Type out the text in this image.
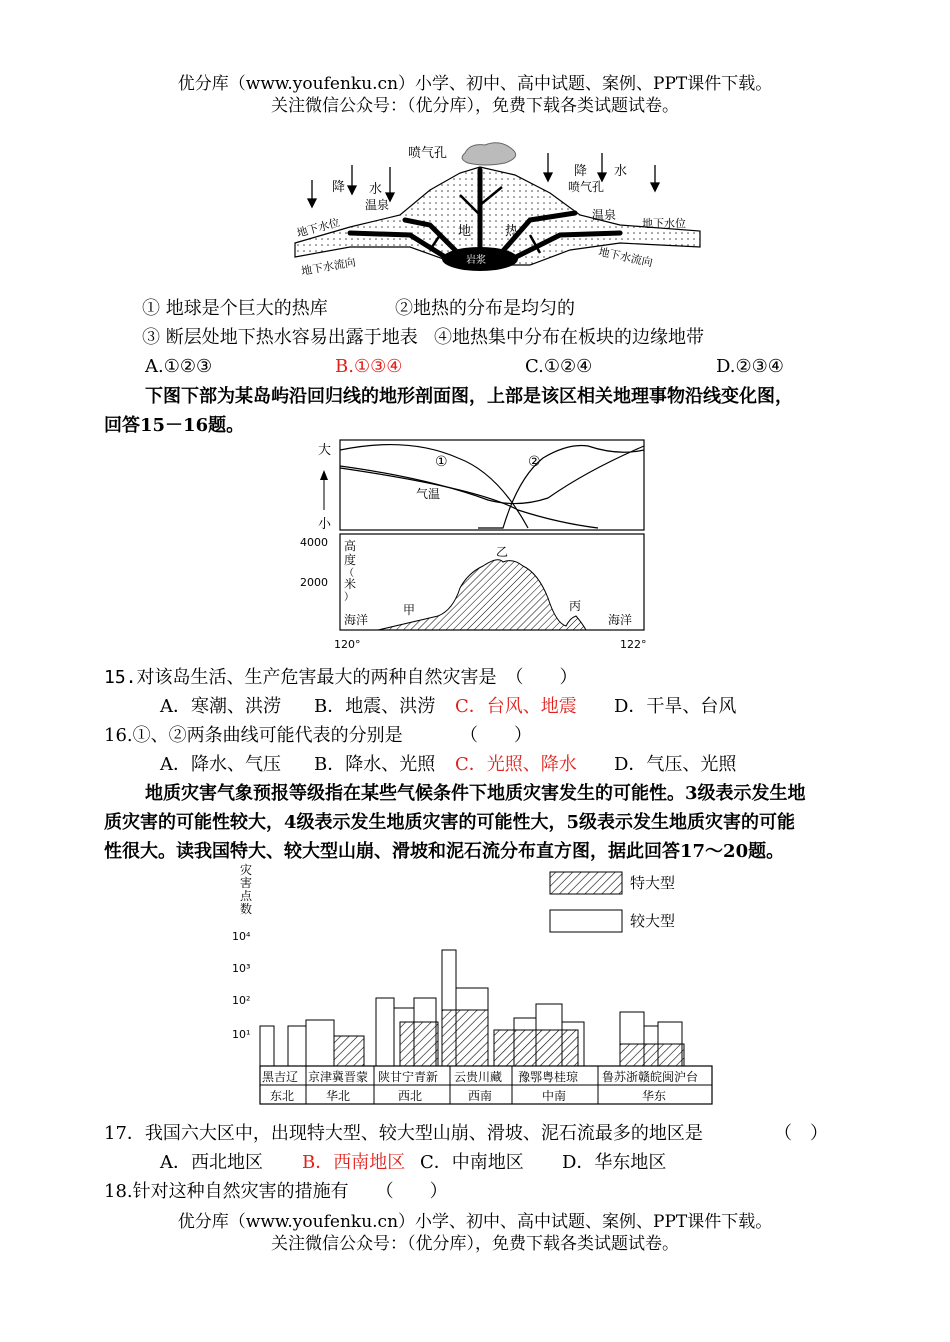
优分库（www.youfenku.cn）小学、初中、高中试题、案例、PPT课件下载。
关注微信公众号：（优分库），免费下载各类试题试卷。
岩浆
地	热
喷气孔
降 水
温泉
地下水位
地下水流向
降 水
喷气孔
温泉
地下水位
地下水流向
① 地球是个巨大的热库	②地热的分布是均匀的
③ 断层处地下热水容易出露于地表 ④地热集中分布在板块的边缘地带
A.①②③	B.①③④	C.①②④	D.②③④
下图下部为某岛屿沿回归线的地形剖面图，上部是该区相关地理事物沿线变化图，
回答15－16题。
大
小
①	②
气温
4000
2000
高
度
（
米
）
海洋	海洋
甲
乙
丙
120°	122°
15.对该岛生活、生产危害最大的两种自然灾害是　（　　）
A．寒潮、洪涝 B．地震、洪涝 C．台风、地震 D．干旱、台风
16.①、②两条曲线可能代表的分别是	（　　）
A．降水、气压 B．降水、光照 C．光照、降水 D．气压、光照
地质灾害气象预报等级指在某些气候条件下地质灾害发生的可能性。3级表示发生地
质灾害的可能性较大，4级表示发生地质灾害的可能性大，5级表示发生地质灾害的可能
性很大。读我国特大、较大型山崩、滑坡和泥石流分布直方图，据此回答17～20题。
灾
害
点
数
10⁴
10³
10²
10¹
特大型
较大型
黑吉辽 京津冀晋蒙 陕甘宁青新 云贵川藏 豫鄂粤桂琼 鲁苏浙赣皖闽沪台
东北	华北	西北	西南	中南	华东
17．我国六大区中，出现特大型、较大型山崩、滑坡、泥石流最多的地区是	（　）
A．西北地区 B．西南地区 C．中南地区 D．华东地区
18.针对这种自然灾害的措施有　　（　　）
优分库（www.youfenku.cn）小学、初中、高中试题、案例、PPT课件下载。
关注微信公众号：（优分库），免费下载各类试题试卷。
